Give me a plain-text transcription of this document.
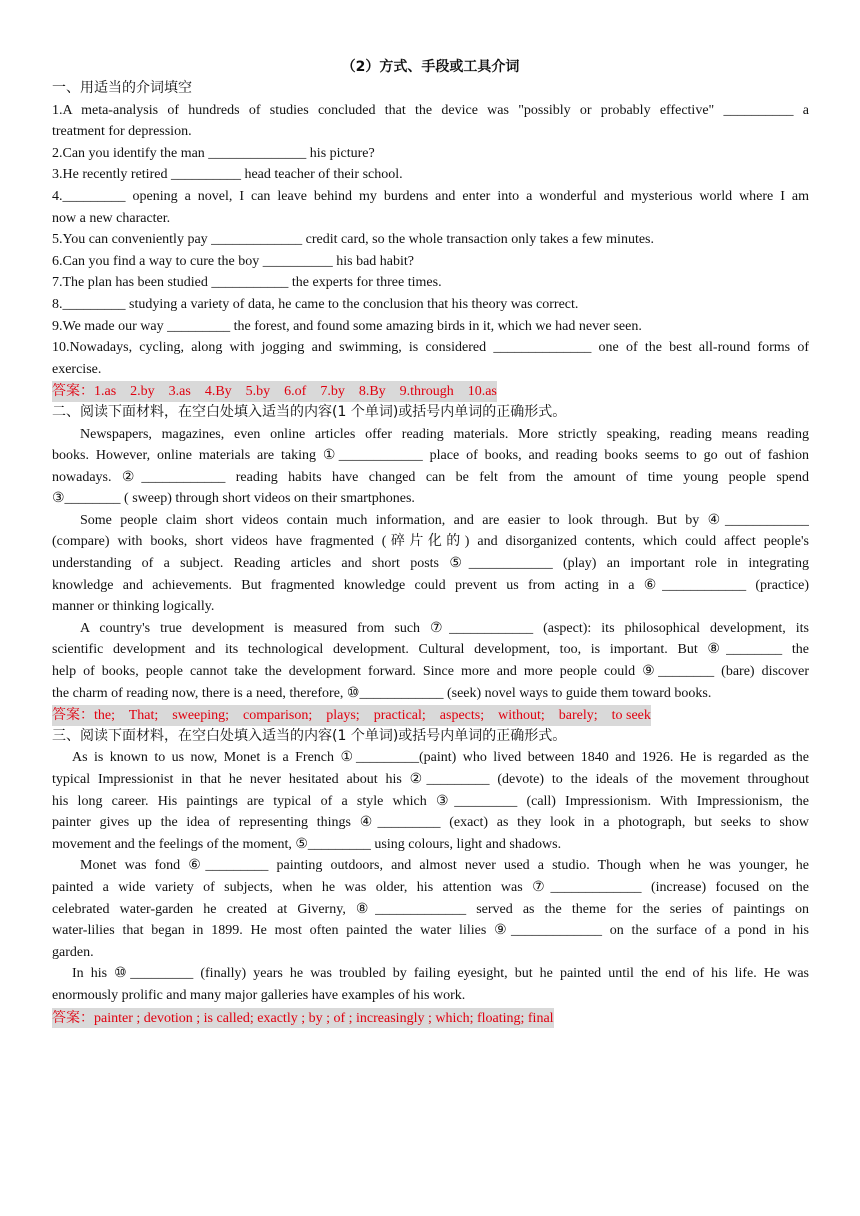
（2）方式、手段或工具介词
一、用适当的介词填空
1.A meta-analysis of hundreds of studies concluded that the device was "possibly or probably effective" __________ a
treatment for depression.
2.Can you identify the man ______________ his picture?
3.He recently retired __________ head teacher of their school.
4._________ opening a novel, I can leave behind my burdens and enter into a wonderful and mysterious world where I am
now a new character.
5.You can conveniently pay _____________ credit card, so the whole transaction only takes a few minutes.
6.Can you find a way to cure the boy __________ his bad habit?
7.The plan has been studied ___________ the experts for three times.
8._________ studying a variety of data, he came to the conclusion that his theory was correct.
9.We made our way _________ the forest, and found some amazing birds in it, which we had never seen.
10.Nowadays, cycling, along with jogging and swimming, is considered ______________ one of the best all-round forms of
exercise.
答案：1.as    2.by    3.as    4.By    5.by    6.of    7.by    8.By    9.through    10.as
二、阅读下面材料，在空白处填入适当的内容(1 个单词)或括号内单词的正确形式。
Newspapers, magazines, even online articles offer reading materials. More strictly speaking, reading means reading
books. However, online materials are taking ①____________ place of books, and reading books seems to go out of fashion
nowadays. ②____________ reading habits have changed can be felt from the amount of time young people spend
③________ ( sweep) through short videos on their smartphones.
Some people claim short videos contain much information, and are easier to look through. But by ④____________
(compare) with books, short videos have fragmented (碎片化的) and disorganized contents, which could affect people's
understanding of a subject. Reading articles and short posts ⑤____________ (play) an important role in integrating
knowledge and achievements. But fragmented knowledge could prevent us from acting in a ⑥____________ (practice)
manner or thinking logically.
A country's true development is measured from such ⑦____________ (aspect): its philosophical development, its
scientific development and its technological development. Cultural development, too, is important. But ⑧________ the
help of books, people cannot take the development forward. Since more and more people could ⑨________ (bare) discover
the charm of reading now, there is a need, therefore, ⑩____________ (seek) novel ways to guide them toward books.
答案：the;    That;    sweeping;    comparison;    plays;    practical;    aspects;    without;    barely;    to seek
三、阅读下面材料，在空白处填入适当的内容(1 个单词)或括号内单词的正确形式。
As is known to us now, Monet is a French ①_________(paint) who lived between 1840 and 1926. He is regarded as the
typical Impressionist in that he never hesitated about his ②_________ (devote) to the ideals of the movement throughout
his long career. His paintings are typical of a style which ③_________ (call) Impressionism. With Impressionism, the
painter gives up the idea of representing things ④_________ (exact) as they look in a photograph, but seeks to show
movement and the feelings of the moment, ⑤_________ using colours, light and shadows.
Monet was fond ⑥_________ painting outdoors, and almost never used a studio. Though when he was younger, he
painted a wide variety of subjects, when he was older, his attention was ⑦_____________ (increase) focused on the
celebrated water-garden he created at Giverny, ⑧_____________ served as the theme for the series of paintings on
water-lilies that began in 1899. He most often painted the water lilies ⑨_____________ on the surface of a pond in his
garden.
In his ⑩_________ (finally) years he was troubled by failing eyesight, but he painted until the end of his life. He was
enormously prolific and many major galleries have examples of his work.
答案：painter ; devotion ; is called; exactly ; by ; of ; increasingly ; which; floating; final
